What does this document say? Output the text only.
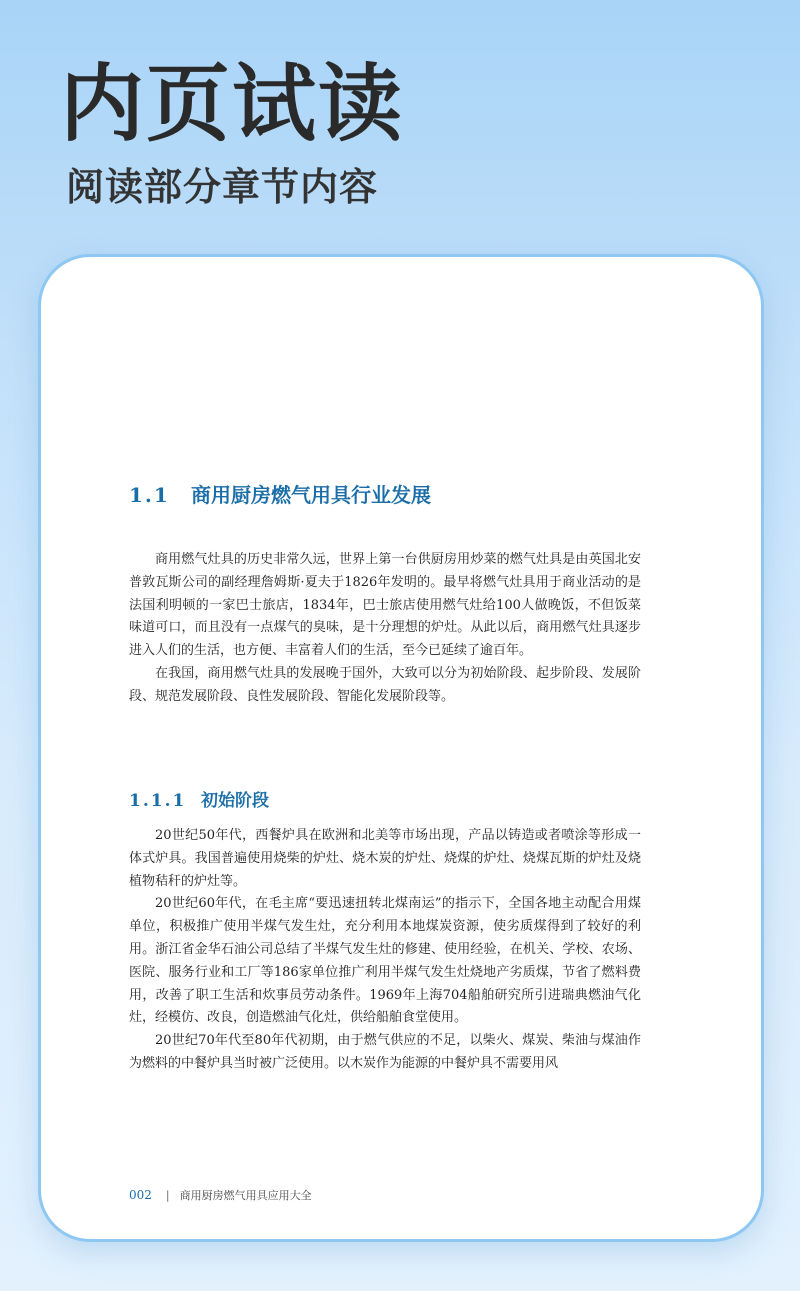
内页试读
阅读部分章节内容
1.1 商用厨房燃气用具行业发展

商用燃气灶具的历史非常久远，世界上第一台供厨房用炒菜的燃气灶具是由英国北安普敦瓦斯公司的副经理詹姆斯·夏夫于1826年发明的。最早将燃气灶具用于商业活动的是法国利明顿的一家巴士旅店，1834年，巴士旅店使用燃气灶给100人做晚饭，不但饭菜味道可口，而且没有一点煤气的臭味，是十分理想的炉灶。从此以后，商用燃气灶具逐步进入人们的生活，也方便、丰富着人们的生活，至今已延续了逾百年。

在我国，商用燃气灶具的发展晚于国外，大致可以分为初始阶段、起步阶段、发展阶段、规范发展阶段、良性发展阶段、智能化发展阶段等。

1.1.1 初始阶段

20世纪50年代，西餐炉具在欧洲和北美等市场出现，产品以铸造或者喷涂等形成一体式炉具。我国普遍使用烧柴的炉灶、烧木炭的炉灶、烧煤的炉灶、烧煤瓦斯的炉灶及烧植物秸秆的炉灶等。

20世纪60年代，在毛主席“要迅速扭转北煤南运”的指示下，全国各地主动配合用煤单位，积极推广使用半煤气发生灶，充分利用本地煤炭资源，使劣质煤得到了较好的利用。浙江省金华石油公司总结了半煤气发生灶的修建、使用经验，在机关、学校、农场、医院、服务行业和工厂等186家单位推广利用半煤气发生灶烧地产劣质煤，节省了燃料费用，改善了职工生活和炊事员劳动条件。1969年上海704船舶研究所引进瑞典燃油气化灶，经模仿、改良，创造燃油气化灶，供给船舶食堂使用。

20世纪70年代至80年代初期，由于燃气供应的不足，以柴火、煤炭、柴油与煤油作为燃料的中餐炉具当时被广泛使用。以木炭作为能源的中餐炉具不需要用风

002 | 商用厨房燃气用具应用大全
